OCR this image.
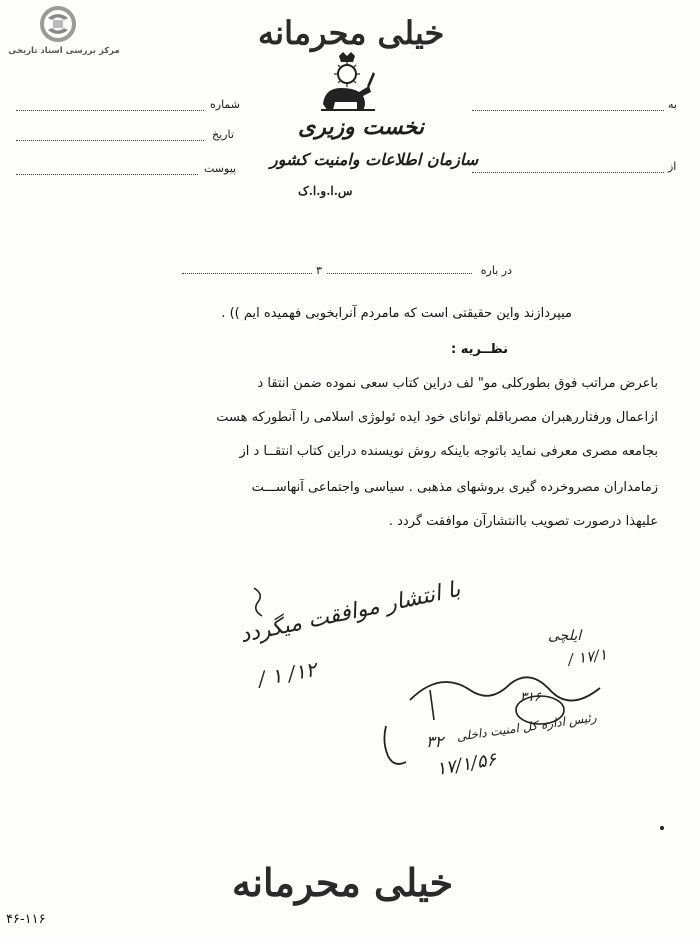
مرکز بررسی اسناد تاریخی	خیلی محرمانه
نخست وزیری
سازمان اطلاعات وامنیت کشور
س.ا.و.ا.ک
شماره
تاریخ
پیوست
به
از
۳	در باره
میپردازند واین حقیقتی است که مامردم آنرابخوبی فهمیده ایم )) .
نظــریه :
باعرض مراتب فوق بطورکلی مو" لف دراین کتاب سعی نموده ضمن انتقا د
ازاعمال ورفتاررهبران مصرباقلم توانای خود ایده ئولوژی اسلامی را آنطورکه هست
بجامعه مصری معرفی نماید باتوجه باینکه روش نویسنده دراین کتاب انتقــا د از
زمامداران مصروخرده گیری بروشهای مذهبی . سیاسی واجتماعی آنهاســـت
علیهذا درصورت تصویب باانتشارآن موافقت گردد .
با انتشار موافقت میگردد
۱۲/ ۱ /
ایلچی
۱۷/۱ /
۳۱۶
رئیس اداره کل امنیت داخلی
۳۲
۱۷/۱/۵۶
خیلی محرمانه
۴۶-۱۱۶
